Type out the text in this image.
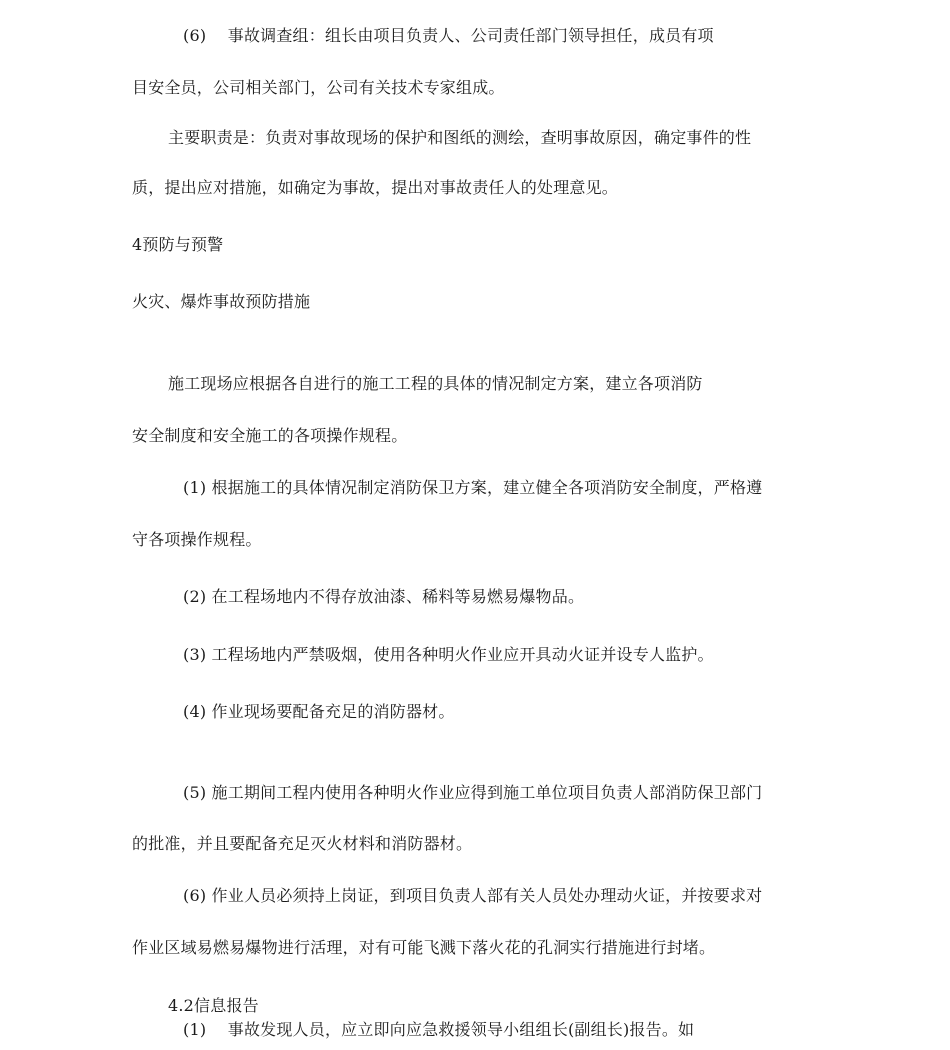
(6)　 事故调查组：组长由项目负责人、公司责任部门领导担任，成员有项
目安全员，公司相关部门，公司有关技术专家组成。
主要职责是：负责对事故现场的保护和图纸的测绘，查明事故原因，确定事件的性
质，提出应对措施，如确定为事故，提出对事故责任人的处理意见。
4预防与预警
火灾、爆炸事故预防措施
施工现场应根据各自进行的施工工程的具体的情况制定方案，建立各项消防
安全制度和安全施工的各项操作规程。
(1) 根据施工的具体情况制定消防保卫方案，建立健全各项消防安全制度，严格遵
守各项操作规程。
(2) 在工程场地内不得存放油漆、稀料等易燃易爆物品。
(3) 工程场地内严禁吸烟，使用各种明火作业应开具动火证并设专人监护。
(4) 作业现场要配备充足的消防器材。
(5) 施工期间工程内使用各种明火作业应得到施工单位项目负责人部消防保卫部门
的批准，并且要配备充足灭火材料和消防器材。
(6) 作业人员必须持上岗证，到项目负责人部有关人员处办理动火证，并按要求对
作业区域易燃易爆物进行活理，对有可能飞溅下落火花的孔洞实行措施进行封堵。
4.2信息报告
(1)　 事故发现人员，应立即向应急救援领导小组组长(副组长)报告。如
